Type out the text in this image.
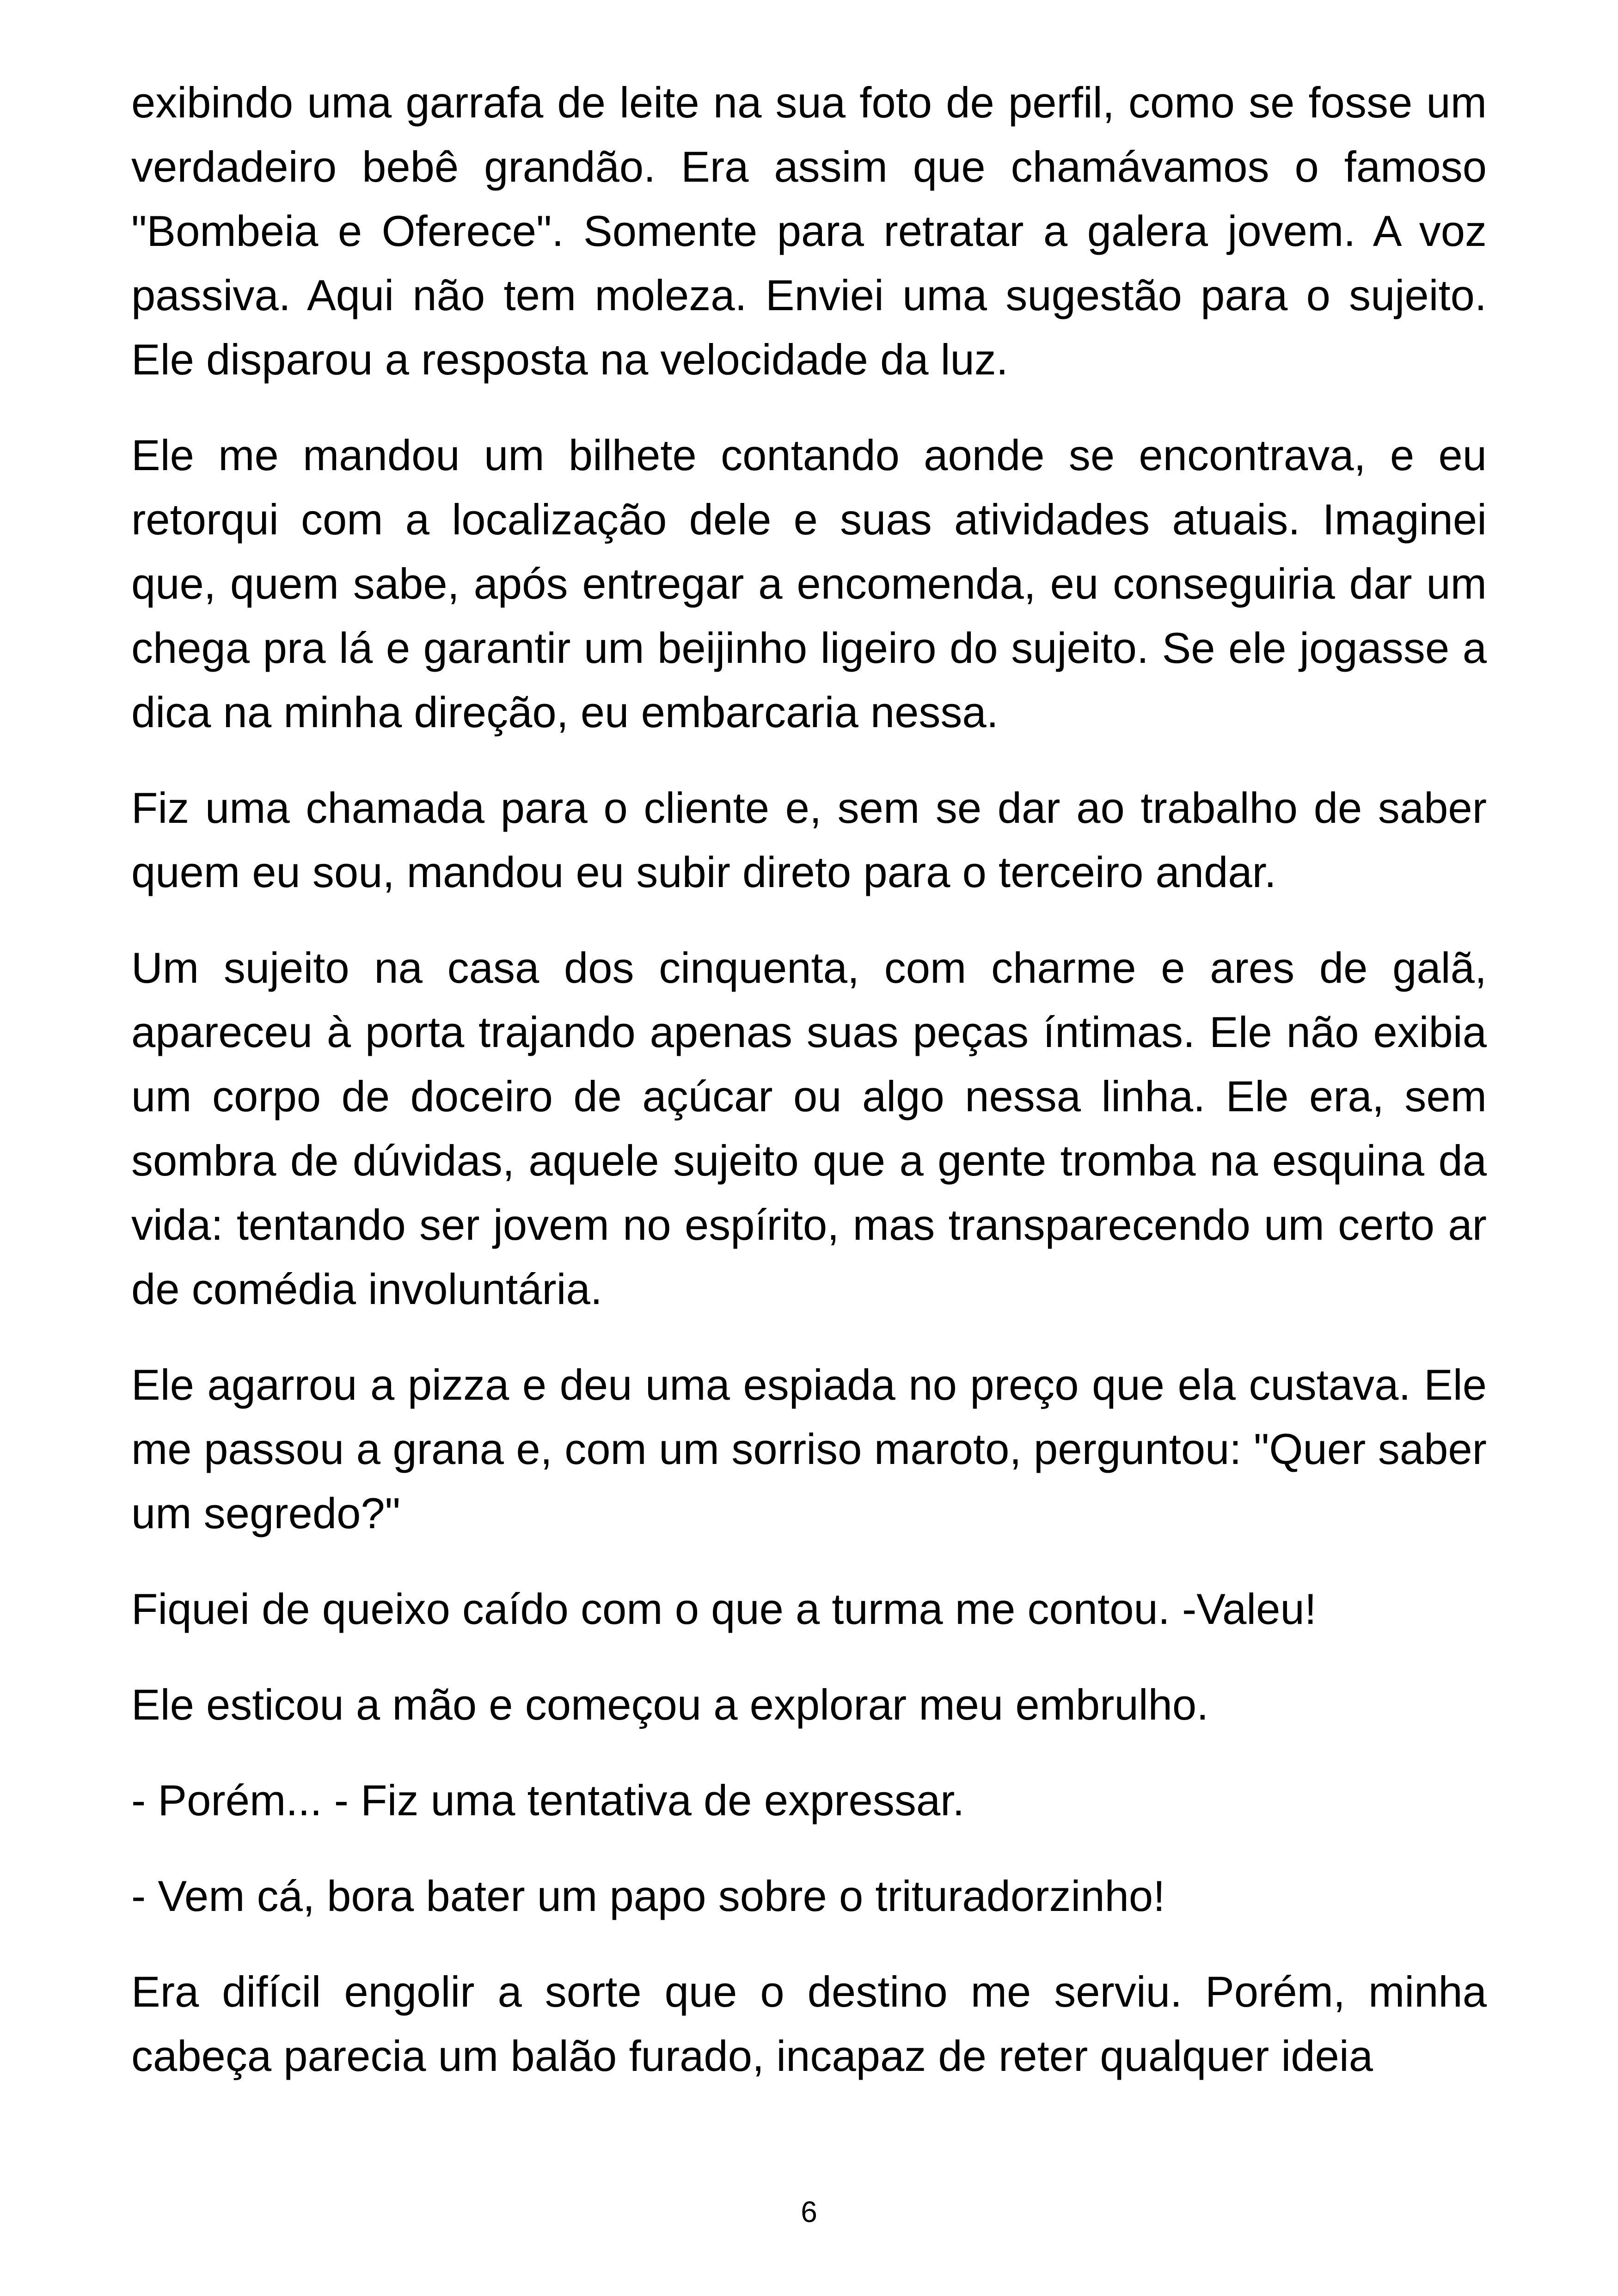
exibindo uma garrafa de leite na sua foto de perfil, como se fosse um verdadeiro bebê grandão. Era assim que chamávamos o famoso "Bombeia e Oferece". Somente para retratar a galera jovem. A voz passiva. Aqui não tem moleza. Enviei uma sugestão para o sujeito. Ele disparou a resposta na velocidade da luz.

Ele me mandou um bilhete contando aonde se encontrava, e eu retorqui com a localização dele e suas atividades atuais. Imaginei que, quem sabe, após entregar a encomenda, eu conseguiria dar um chega pra lá e garantir um beijinho ligeiro do sujeito. Se ele jogasse a dica na minha direção, eu embarcaria nessa.

Fiz uma chamada para o cliente e, sem se dar ao trabalho de saber quem eu sou, mandou eu subir direto para o terceiro andar.

Um sujeito na casa dos cinquenta, com charme e ares de galã, apareceu à porta trajando apenas suas peças íntimas. Ele não exibia um corpo de doceiro de açúcar ou algo nessa linha. Ele era, sem sombra de dúvidas, aquele sujeito que a gente tromba na esquina da vida: tentando ser jovem no espírito, mas transparecendo um certo ar de comédia involuntária.

Ele agarrou a pizza e deu uma espiada no preço que ela custava. Ele me passou a grana e, com um sorriso maroto, perguntou: "Quer saber um segredo?"

Fiquei de queixo caído com o que a turma me contou. -Valeu!

Ele esticou a mão e começou a explorar meu embrulho.

- Porém... - Fiz uma tentativa de expressar.

- Vem cá, bora bater um papo sobre o trituradorzinho!

Era difícil engolir a sorte que o destino me serviu. Porém, minha cabeça parecia um balão furado, incapaz de reter qualquer ideia

6
